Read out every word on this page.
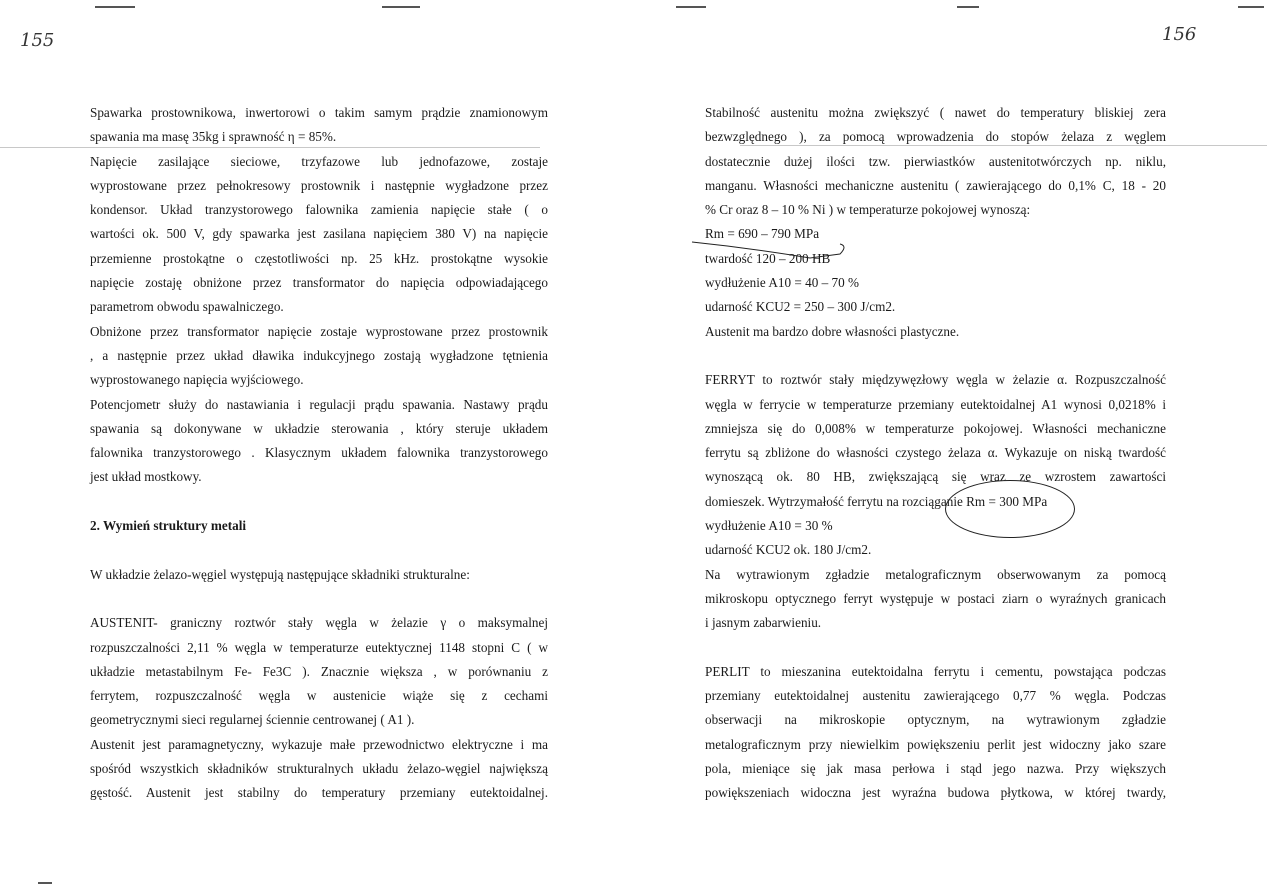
155	156

Spawarka prostownikowa, inwertorowi o takim samym prądzie znamionowym

spawania ma masę 35kg i sprawność η = 85%.

Napięcie zasilające sieciowe, trzyfazowe lub jednofazowe, zostaje

wyprostowane przez pełnokresowy prostownik i następnie wygładzone przez

kondensor. Układ tranzystorowego falownika zamienia napięcie stałe ( o

wartości ok. 500 V, gdy spawarka jest zasilana napięciem 380 V) na napięcie

przemienne prostokątne o częstotliwości np. 25 kHz. prostokątne wysokie

napięcie zostaję obniżone przez transformator do napięcia odpowiadającego

parametrom obwodu spawalniczego.

Obniżone przez transformator napięcie zostaje wyprostowane przez prostownik

, a następnie przez układ dławika indukcyjnego zostają wygładzone tętnienia

wyprostowanego napięcia wyjściowego.

Potencjometr służy do nastawiania i regulacji prądu spawania. Nastawy prądu

spawania są dokonywane w układzie sterowania , który steruje układem

falownika tranzystorowego . Klasycznym układem falownika tranzystorowego

jest układ mostkowy.

2. Wymień struktury metali

W układzie żelazo-węgiel występują następujące składniki strukturalne:

AUSTENIT- graniczny roztwór stały węgla w żelazie γ o maksymalnej

rozpuszczalności 2,11 % węgla w temperaturze eutektycznej 1148 stopni C ( w

układzie metastabilnym Fe- Fe3C ). Znacznie większa , w porównaniu z

ferrytem, rozpuszczalność węgla w austenicie wiąże się z cechami

geometrycznymi sieci regularnej ściennie centrowanej ( A1 ).

Austenit jest paramagnetyczny, wykazuje małe przewodnictwo elektryczne i ma

spośród wszystkich składników strukturalnych układu żelazo-węgiel największą

gęstość. Austenit jest stabilny do temperatury przemiany eutektoidalnej.

Stabilność austenitu można zwiększyć ( nawet do temperatury bliskiej zera

bezwzględnego ), za pomocą wprowadzenia do stopów żelaza z węglem

dostatecznie dużej ilości tzw. pierwiastków austenitotwórczych np. niklu,

manganu. Własności mechaniczne austenitu ( zawierającego do 0,1% C, 18 - 20

% Cr oraz 8 – 10 % Ni ) w temperaturze pokojowej wynoszą:

Rm = 690 – 790 MPa

twardość 120 – 200 HB

wydłużenie A10 = 40 – 70 %

udarność KCU2 = 250 – 300 J/cm2.

Austenit ma bardzo dobre własności plastyczne.

FERRYT to roztwór stały międzywęzłowy węgla w żelazie α. Rozpuszczalność

węgla w ferrycie w temperaturze przemiany eutektoidalnej A1 wynosi 0,0218% i

zmniejsza się do 0,008% w temperaturze pokojowej. Własności mechaniczne

ferrytu są zbliżone do własności czystego żelaza α. Wykazuje on niską twardość

wynoszącą ok. 80 HB, zwiększającą się wraz ze wzrostem zawartości

domieszek. Wytrzymałość ferrytu na rozciąganie Rm = 300 MPa

wydłużenie A10 = 30 %

udarność KCU2 ok. 180 J/cm2.

Na wytrawionym zgładzie metalograficznym obserwowanym za pomocą

mikroskopu optycznego ferryt występuje w postaci ziarn o wyraźnych granicach

i jasnym zabarwieniu.

PERLIT to mieszanina eutektoidalna ferrytu i cementu, powstająca podczas

przemiany eutektoidalnej austenitu zawierającego 0,77 % węgla. Podczas

obserwacji na mikroskopie optycznym, na wytrawionym zgładzie

metalograficznym przy niewielkim powiększeniu perlit jest widoczny jako szare

pola, mieniące się jak masa perłowa i stąd jego nazwa. Przy większych

powiększeniach widoczna jest wyraźna budowa płytkowa, w której twardy,
